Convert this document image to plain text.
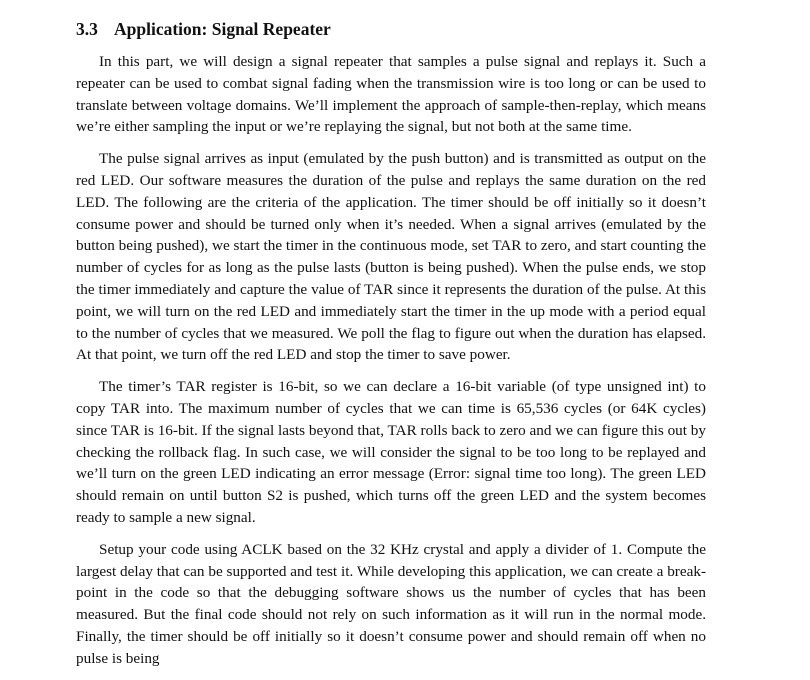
3.3 Application: Signal Repeater

In this part, we will design a signal repeater that samples a pulse signal and replays it. Such a repeater can be used to combat signal fading when the transmission wire is too long or can be used to translate between voltage domains. We’ll implement the approach of sample-then-replay, which means we’re either sampling the input or we’re replaying the signal, but not both at the same time.

The pulse signal arrives as input (emulated by the push button) and is transmitted as output on the red LED. Our software measures the duration of the pulse and replays the same duration on the red LED. The following are the criteria of the application. The timer should be off initially so it doesn’t consume power and should be turned only when it’s needed. When a signal arrives (emulated by the button being pushed), we start the timer in the continuous mode, set TAR to zero, and start counting the number of cycles for as long as the pulse lasts (button is being pushed). When the pulse ends, we stop the timer immediately and capture the value of TAR since it represents the duration of the pulse. At this point, we will turn on the red LED and immediately start the timer in the up mode with a period equal to the number of cycles that we measured. We poll the flag to figure out when the duration has elapsed. At that point, we turn off the red LED and stop the timer to save power.

The timer’s TAR register is 16-bit, so we can declare a 16-bit variable (of type unsigned int) to copy TAR into. The maximum number of cycles that we can time is 65,536 cycles (or 64K cycles) since TAR is 16-bit. If the signal lasts beyond that, TAR rolls back to zero and we can figure this out by checking the rollback flag. In such case, we will consider the signal to be too long to be replayed and we’ll turn on the green LED indicating an error message (Error: signal time too long). The green LED should remain on until button S2 is pushed, which turns off the green LED and the system becomes ready to sample a new signal.

Setup your code using ACLK based on the 32 KHz crystal and apply a divider of 1. Compute the largest delay that can be supported and test it. While developing this application, we can create a breakpoint in the code so that the debugging software shows us the number of cycles that has been measured. But the final code should not rely on such information as it will run in the normal mode. Finally, the timer should be off initially so it doesn’t consume power and should remain off when no pulse is being
